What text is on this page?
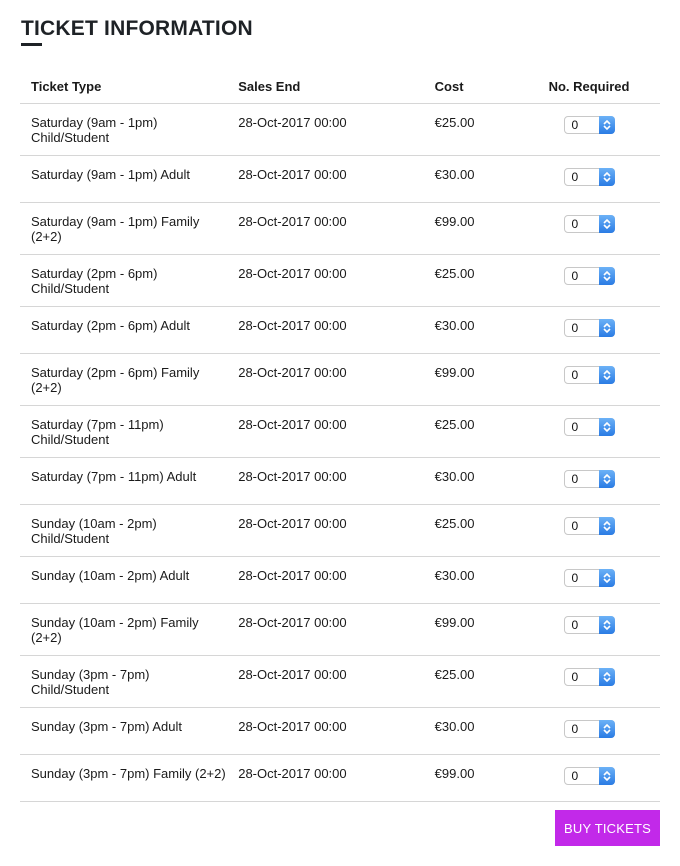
TICKET INFORMATION
Ticket Type	Sales End	Cost	No. Required
Saturday (9am - 1pm) Child/Student	28-Oct-2017 00:00	€25.00	0

Saturday (9am - 1pm) Adult	28-Oct-2017 00:00	€30.00	0

Saturday (9am - 1pm) Family (2+2)	28-Oct-2017 00:00	€99.00	0

Saturday (2pm - 6pm) Child/Student	28-Oct-2017 00:00	€25.00	0

Saturday (2pm - 6pm) Adult	28-Oct-2017 00:00	€30.00	0

Saturday (2pm - 6pm) Family (2+2)	28-Oct-2017 00:00	€99.00	0

Saturday (7pm - 11pm) Child/Student	28-Oct-2017 00:00	€25.00	0

Saturday (7pm - 11pm) Adult	28-Oct-2017 00:00	€30.00	0

Sunday (10am - 2pm) Child/Student	28-Oct-2017 00:00	€25.00	0

Sunday (10am - 2pm) Adult	28-Oct-2017 00:00	€30.00	0

Sunday (10am - 2pm) Family (2+2)	28-Oct-2017 00:00	€99.00	0

Sunday (3pm - 7pm) Child/Student	28-Oct-2017 00:00	€25.00	0

Sunday (3pm - 7pm) Adult	28-Oct-2017 00:00	€30.00	0

Sunday (3pm - 7pm) Family (2+2)	28-Oct-2017 00:00	€99.00	0
BUY TICKETS
